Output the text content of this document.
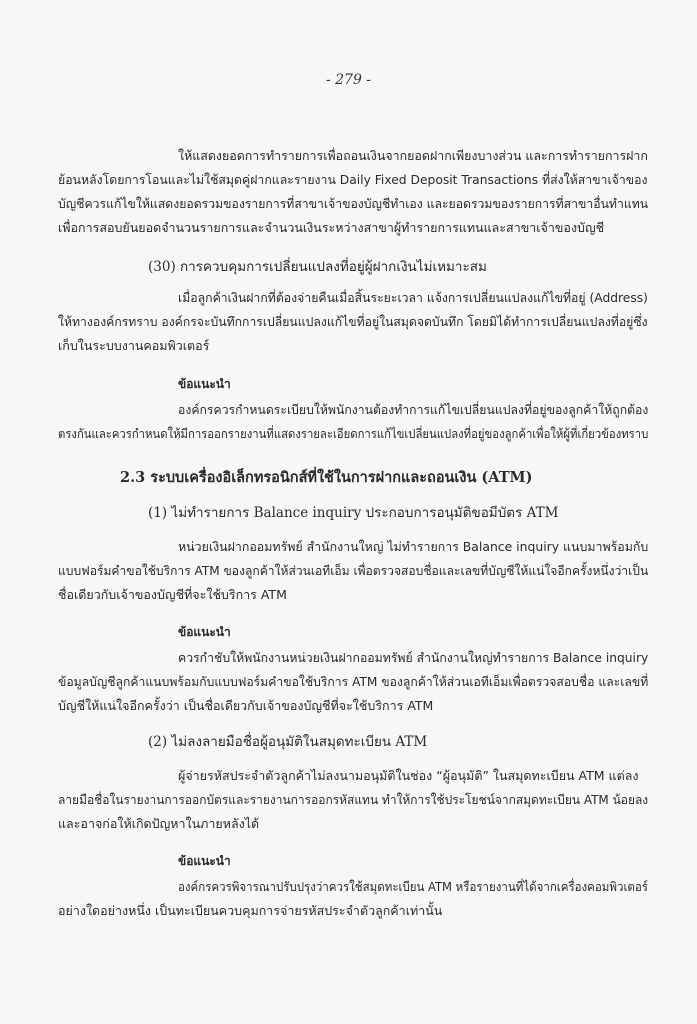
- 279 -
ให้แสดงยอดการทำรายการเพื่อถอนเงินจากยอดฝากเพียงบางส่วน และการทำรายการฝาก
ย้อนหลังโดยการโอนและไม่ใช้สมุดคู่ฝากและรายงาน Daily Fixed Deposit Transactions ที่ส่งให้สาขาเจ้าของ
บัญชีควรแก้ไขให้แสดงยอดรวมของรายการที่สาขาเจ้าของบัญชีทำเอง และยอดรวมของรายการที่สาขาอื่นทำแทน
เพื่อการสอบยันยอดจำนวนรายการและจำนวนเงินระหว่างสาขาผู้ทำรายการแทนและสาขาเจ้าของบัญชี
(30) การควบคุมการเปลี่ยนแปลงที่อยู่ผู้ฝากเงินไม่เหมาะสม
เมื่อลูกค้าเงินฝากที่ต้องจ่ายคืนเมื่อสิ้นระยะเวลา แจ้งการเปลี่ยนแปลงแก้ไขที่อยู่ (Address)
ให้ทางองค์กรทราบ องค์กรจะบันทึกการเปลี่ยนแปลงแก้ไขที่อยู่ในสมุดจดบันทึก โดยมิได้ทำการเปลี่ยนแปลงที่อยู่ซึ่ง
เก็บในระบบงานคอมพิวเตอร์
ข้อแนะนำ
องค์กรควรกำหนดระเบียบให้พนักงานต้องทำการแก้ไขเปลี่ยนแปลงที่อยู่ของลูกค้าให้ถูกต้อง
ตรงกันและควรกำหนดให้มีการออกรายงานที่แสดงรายละเอียดการแก้ไขเปลี่ยนแปลงที่อยู่ของลูกค้าเพื่อให้ผู้ที่เกี่ยวข้องทราบ
2.3 ระบบเครื่องอิเล็กทรอนิกส์ที่ใช้ในการฝากและถอนเงิน (ATM)
(1) ไม่ทำรายการ Balance inquiry ประกอบการอนุมัติขอมีบัตร ATM
หน่วยเงินฝากออมทรัพย์ สำนักงานใหญ่ ไม่ทำรายการ Balance inquiry แนบมาพร้อมกับ
แบบฟอร์มคำขอใช้บริการ ATM ของลูกค้าให้ส่วนเอทีเอ็ม เพื่อตรวจสอบชื่อและเลขที่บัญชีให้แน่ใจอีกครั้งหนึ่งว่าเป็น
ชื่อเดียวกับเจ้าของบัญชีที่จะใช้บริการ ATM
ข้อแนะนำ
ควรกำชับให้พนักงานหน่วยเงินฝากออมทรัพย์ สำนักงานใหญ่ทำรายการ Balance inquiry
ข้อมูลบัญชีลูกค้าแนบพร้อมกับแบบฟอร์มคำขอใช้บริการ ATM ของลูกค้าให้ส่วนเอทีเอ็มเพื่อตรวจสอบชื่อ และเลขที่
บัญชีให้แน่ใจอีกครั้งว่า เป็นชื่อเดียวกับเจ้าของบัญชีที่จะใช้บริการ ATM
(2) ไม่ลงลายมือชื่อผู้อนุมัติในสมุดทะเบียน ATM
ผู้จ่ายรหัสประจำตัวลูกค้าไม่ลงนามอนุมัติในช่อง “ผู้อนุมัติ” ในสมุดทะเบียน ATM แต่ลง
ลายมือชื่อในรายงานการออกบัตรและรายงานการออกรหัสแทน ทำให้การใช้ประโยชน์จากสมุดทะเบียน ATM น้อยลง
และอาจก่อให้เกิดปัญหาในภายหลังได้
ข้อแนะนำ
องค์กรควรพิจารณาปรับปรุงว่าควรใช้สมุดทะเบียน ATM หรือรายงานที่ได้จากเครื่องคอมพิวเตอร์
อย่างใดอย่างหนึ่ง เป็นทะเบียนควบคุมการจ่ายรหัสประจำตัวลูกค้าเท่านั้น
